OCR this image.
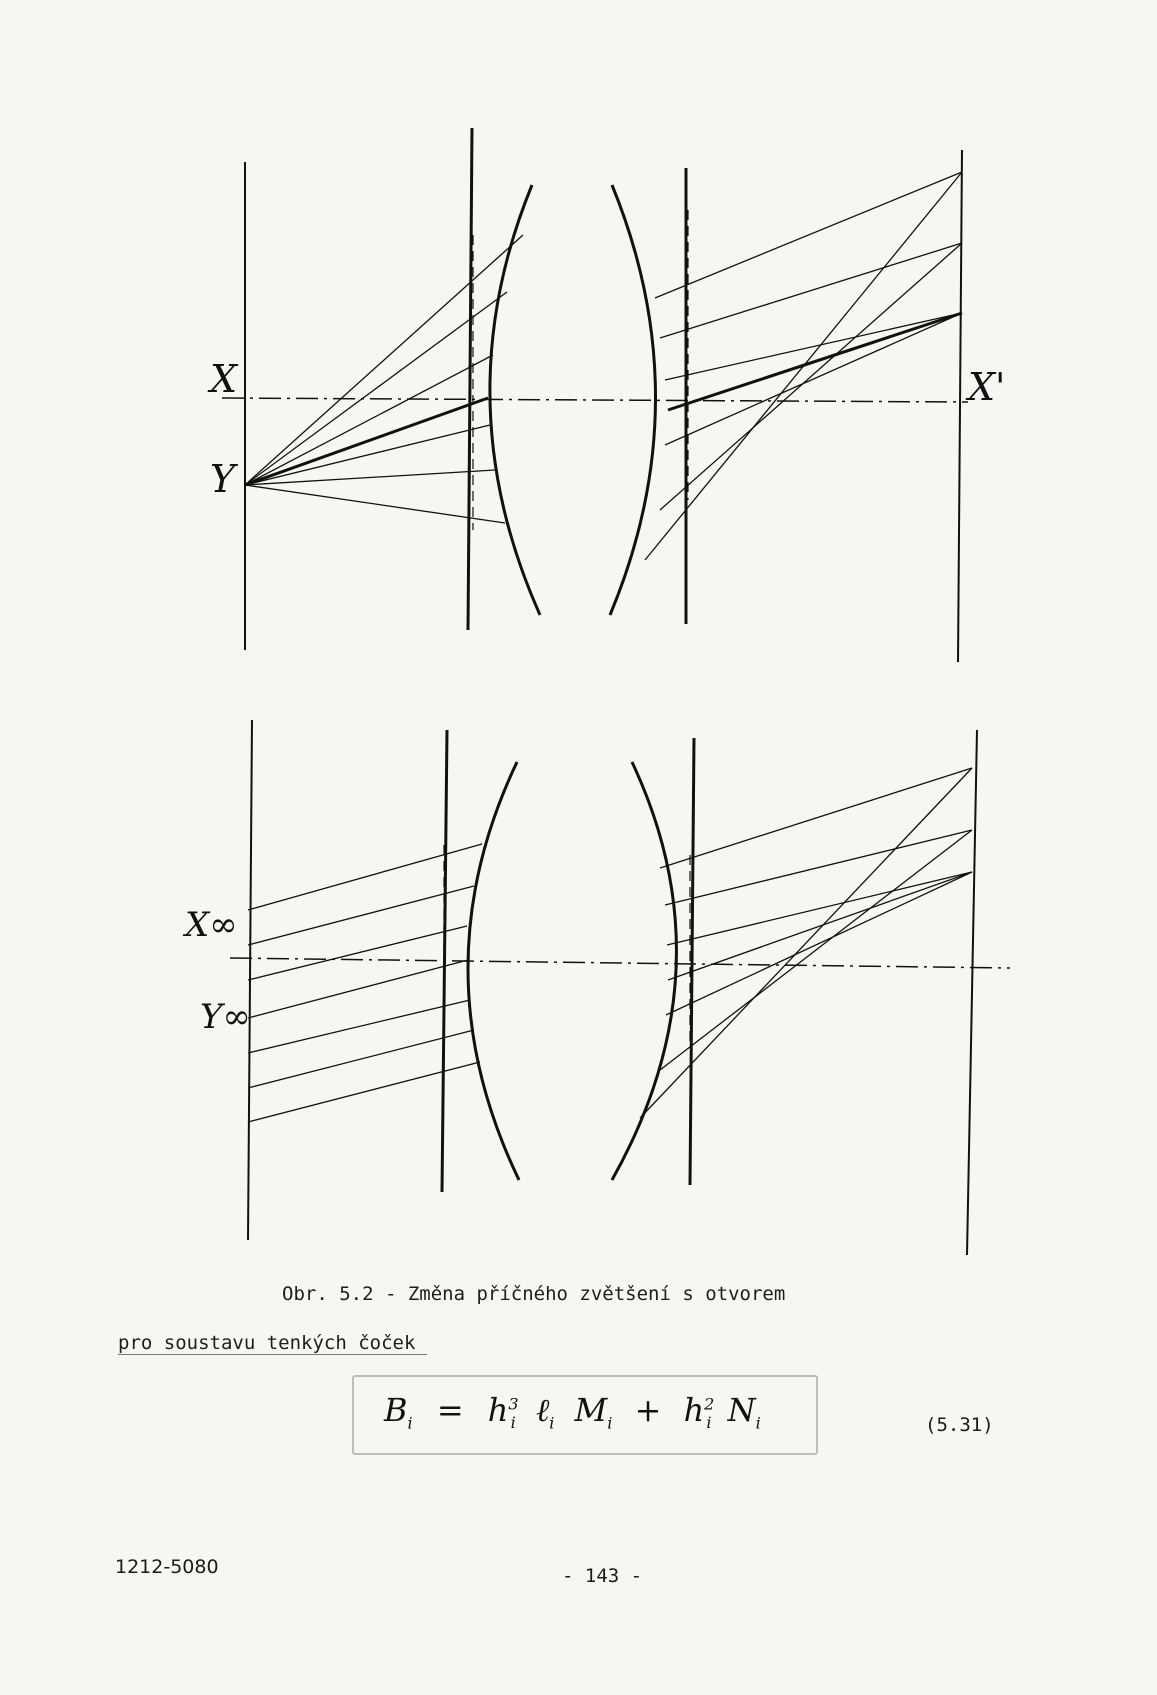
X
Y
X'
X∞
Y∞
Obr. 5.2 - Změna příčného zvětšení s otvorem
pro soustavu tenkých čoček
$B_i = h^3_i$ ℓ$_i$ $M_i + h^2_i$ $N_i$	(5.31)
1212-5080	- 143 -
